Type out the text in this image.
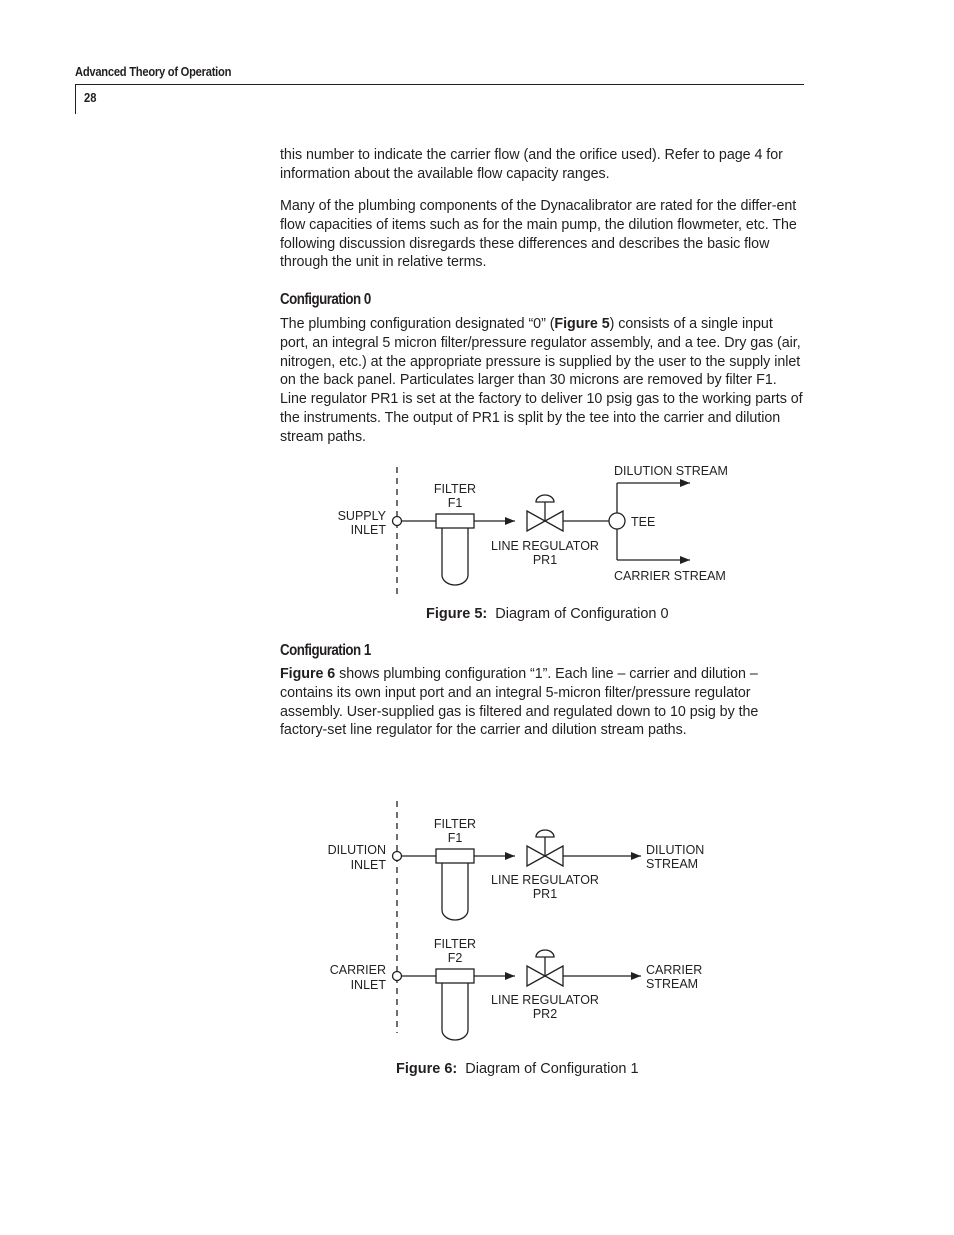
Advanced Theory of Operation
28

this number to indicate the carrier flow (and the orifice used). Refer to page 4 for information about the available flow capacity ranges.

Many of the plumbing components of the Dynacalibrator are rated for the differ-ent flow capacities of items such as for the main pump, the dilution flowmeter, etc. The following discussion disregards these differences and describes the basic flow through the unit in relative terms.

Configuration 0

The plumbing configuration designated “0” (Figure 5) consists of a single input port, an integral 5 micron filter/pressure regulator assembly, and a tee. Dry gas (air, nitrogen, etc.) at the appropriate pressure is supplied by the user to the supply inlet on the back panel. Particulates larger than 30 microns are removed by filter F1. Line regulator PR1 is set at the factory to deliver 10 psig gas to the working parts of the instruments. The output of PR1 is split by the tee into the carrier and dilution stream paths.

SUPPLY
INLET
FILTER
F1
LINE REGULATOR
PR1
TEE
DILUTION STREAM
CARRIER STREAM
Figure 5: Diagram of Configuration 0
Configuration 1

Figure 6 shows plumbing configuration “1”. Each line – carrier and dilution – contains its own input port and an integral 5-micron filter/pressure regulator assembly. User-supplied gas is filtered and regulated down to 10 psig by the factory-set line regulator for the carrier and dilution stream paths.

DILUTION
INLET
FILTER
F1
LINE REGULATOR
PR1
DILUTION
STREAM
CARRIER
INLET
FILTER
F2
LINE REGULATOR
PR2
CARRIER
STREAM
Figure 6: Diagram of Configuration 1
